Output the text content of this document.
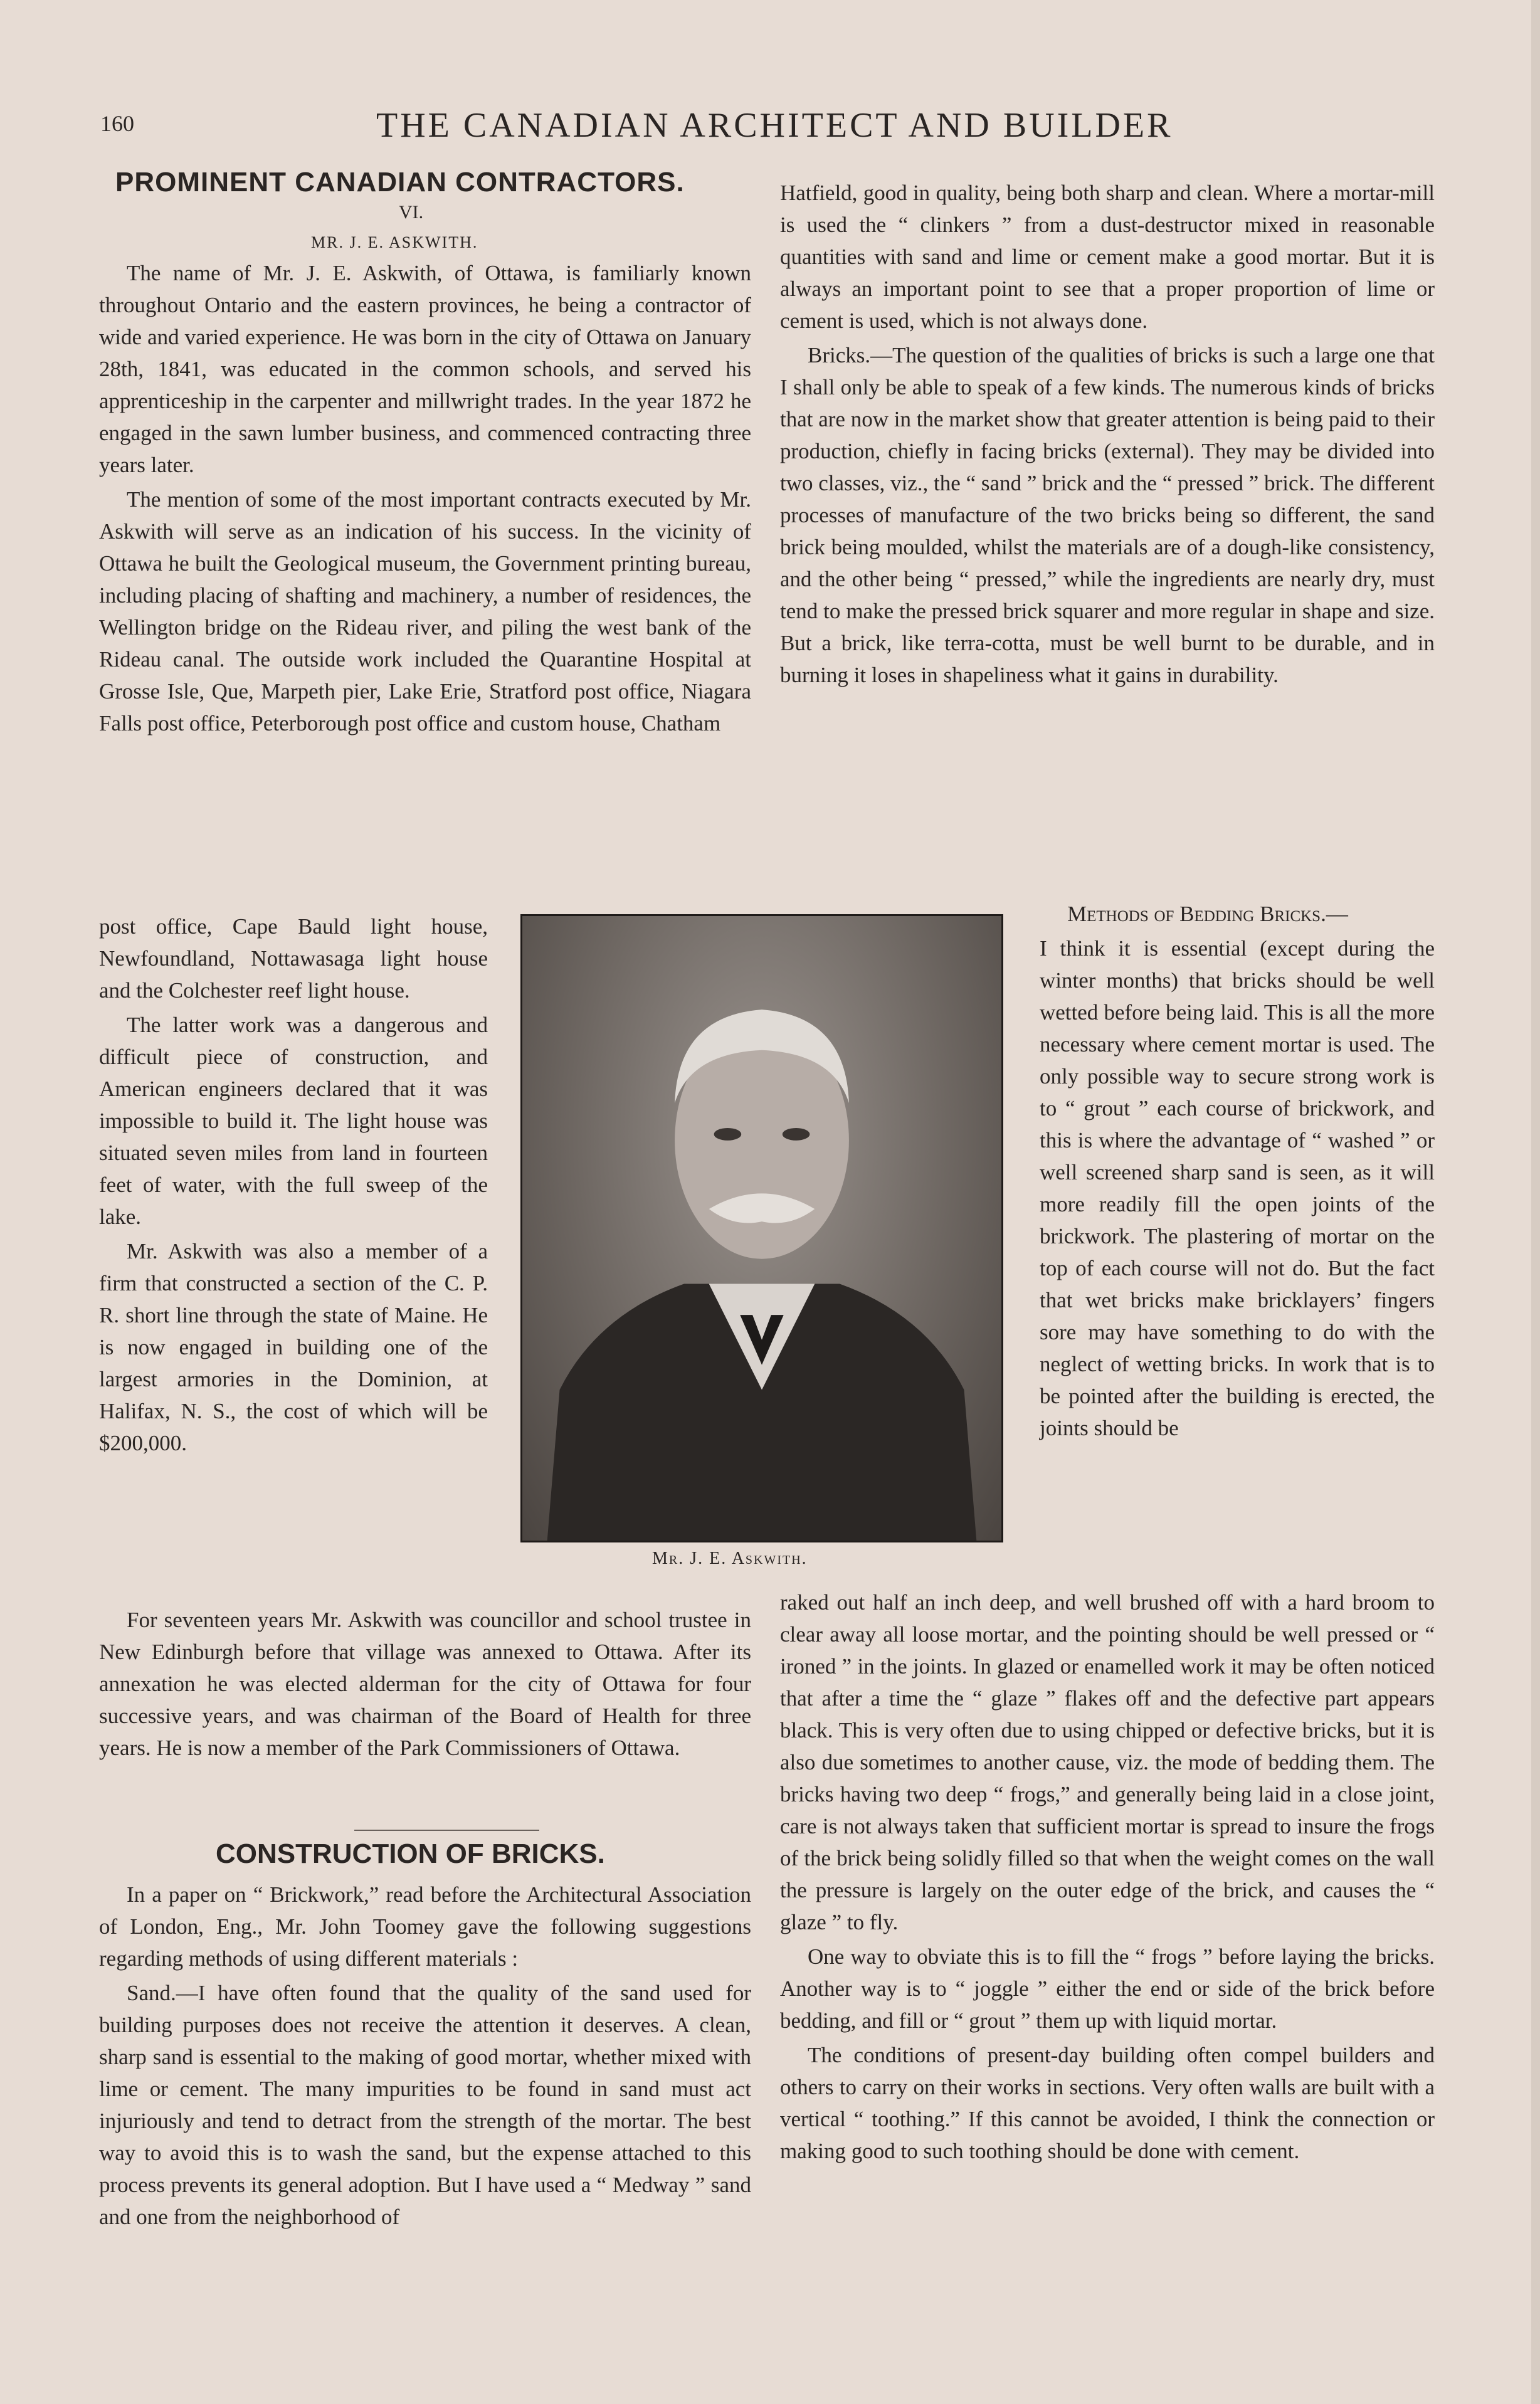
160	THE CANADIAN ARCHITECT AND BUILDER
PROMINENT CANADIAN CONTRACTORS.
VI.
MR. J. E. ASKWITH.

The name of Mr. J. E. Askwith, of Ottawa, is familiarly known throughout Ontario and the eastern provinces, he being a contractor of wide and varied experience. He was born in the city of Ottawa on January 28th, 1841, was educated in the common schools, and served his apprenticeship in the carpenter and millwright trades. In the year 1872 he engaged in the sawn lumber business, and commenced contracting three years later.

The mention of some of the most important contracts executed by Mr. Askwith will serve as an indication of his success. In the vicinity of Ottawa he built the Geological museum, the Government printing bureau, including placing of shafting and machinery, a number of residences, the Wellington bridge on the Rideau river, and piling the west bank of the Rideau canal. The outside work included the Quarantine Hospital at Grosse Isle, Que, Marpeth pier, Lake Erie, Stratford post office, Niagara Falls post office, Peterborough post office and custom house, Chatham

post office, Cape Bauld light house, Newfoundland, Nottawasaga light house and the Colchester reef light house.

The latter work was a dangerous and difficult piece of construction, and American engineers declared that it was impossible to build it. The light house was situated seven miles from land in fourteen feet of water, with the full sweep of the lake.

Mr. Askwith was also a member of a firm that constructed a section of the C. P. R. short line through the state of Maine. He is now engaged in building one of the largest armories in the Dominion, at Halifax, N. S., the cost of which will be $200,000.

Mr. J. E. Askwith.

For seventeen years Mr. Askwith was councillor and school trustee in New Edinburgh before that village was annexed to Ottawa. After its annexation he was elected alderman for the city of Ottawa for four successive years, and was chairman of the Board of Health for three years. He is now a member of the Park Commissioners of Ottawa.

CONSTRUCTION OF BRICKS.

In a paper on “ Brickwork,” read before the Architectural Association of London, Eng., Mr. John Toomey gave the following suggestions regarding methods of using different materials :

Sand.—I have often found that the quality of the sand used for building purposes does not receive the attention it deserves. A clean, sharp sand is essential to the making of good mortar, whether mixed with lime or cement. The many impurities to be found in sand must act injuriously and tend to detract from the strength of the mortar. The best way to avoid this is to wash the sand, but the expense attached to this process prevents its general adoption. But I have used a “ Medway ” sand and one from the neighborhood of

Hatfield, good in quality, being both sharp and clean. Where a mortar-mill is used the “ clinkers ” from a dust-destructor mixed in reasonable quantities with sand and lime or cement make a good mortar. But it is always an important point to see that a proper proportion of lime or cement is used, which is not always done.

Bricks.—The question of the qualities of bricks is such a large one that I shall only be able to speak of a few kinds. The numerous kinds of bricks that are now in the market show that greater attention is being paid to their production, chiefly in facing bricks (external). They may be divided into two classes, viz., the “ sand ” brick and the “ pressed ” brick. The different processes of manufacture of the two bricks being so different, the sand brick being moulded, whilst the materials are of a dough-like consistency, and the other being “ pressed,” while the ingredients are nearly dry, must tend to make the pressed brick squarer and more regular in shape and size. But a brick, like terra-cotta, must be well burnt to be durable, and in burning it loses in shapeliness what it gains in durability.

Methods of Bedding Bricks.—

I think it is essential (except during the winter months) that bricks should be well wetted before being laid. This is all the more necessary where cement mortar is used. The only possible way to secure strong work is to “ grout ” each course of brickwork, and this is where the advantage of “ washed ” or well screened sharp sand is seen, as it will more readily fill the open joints of the brickwork. The plastering of mortar on the top of each course will not do. But the fact that wet bricks make bricklayers’ fingers sore may have something to do with the neglect of wetting bricks. In work that is to be pointed after the building is erected, the joints should be

raked out half an inch deep, and well brushed off with a hard broom to clear away all loose mortar, and the pointing should be well pressed or “ ironed ” in the joints. In glazed or enamelled work it may be often noticed that after a time the “ glaze ” flakes off and the defective part appears black. This is very often due to using chipped or defective bricks, but it is also due sometimes to another cause, viz. the mode of bedding them. The bricks having two deep “ frogs,” and generally being laid in a close joint, care is not always taken that sufficient mortar is spread to insure the frogs of the brick being solidly filled so that when the weight comes on the wall the pressure is largely on the outer edge of the brick, and causes the “ glaze ” to fly.

One way to obviate this is to fill the “ frogs ” before laying the bricks. Another way is to “ joggle ” either the end or side of the brick before bedding, and fill or “ grout ” them up with liquid mortar.

The conditions of present-day building often compel builders and others to carry on their works in sections. Very often walls are built with a vertical “ toothing.” If this cannot be avoided, I think the connection or making good to such toothing should be done with cement.
